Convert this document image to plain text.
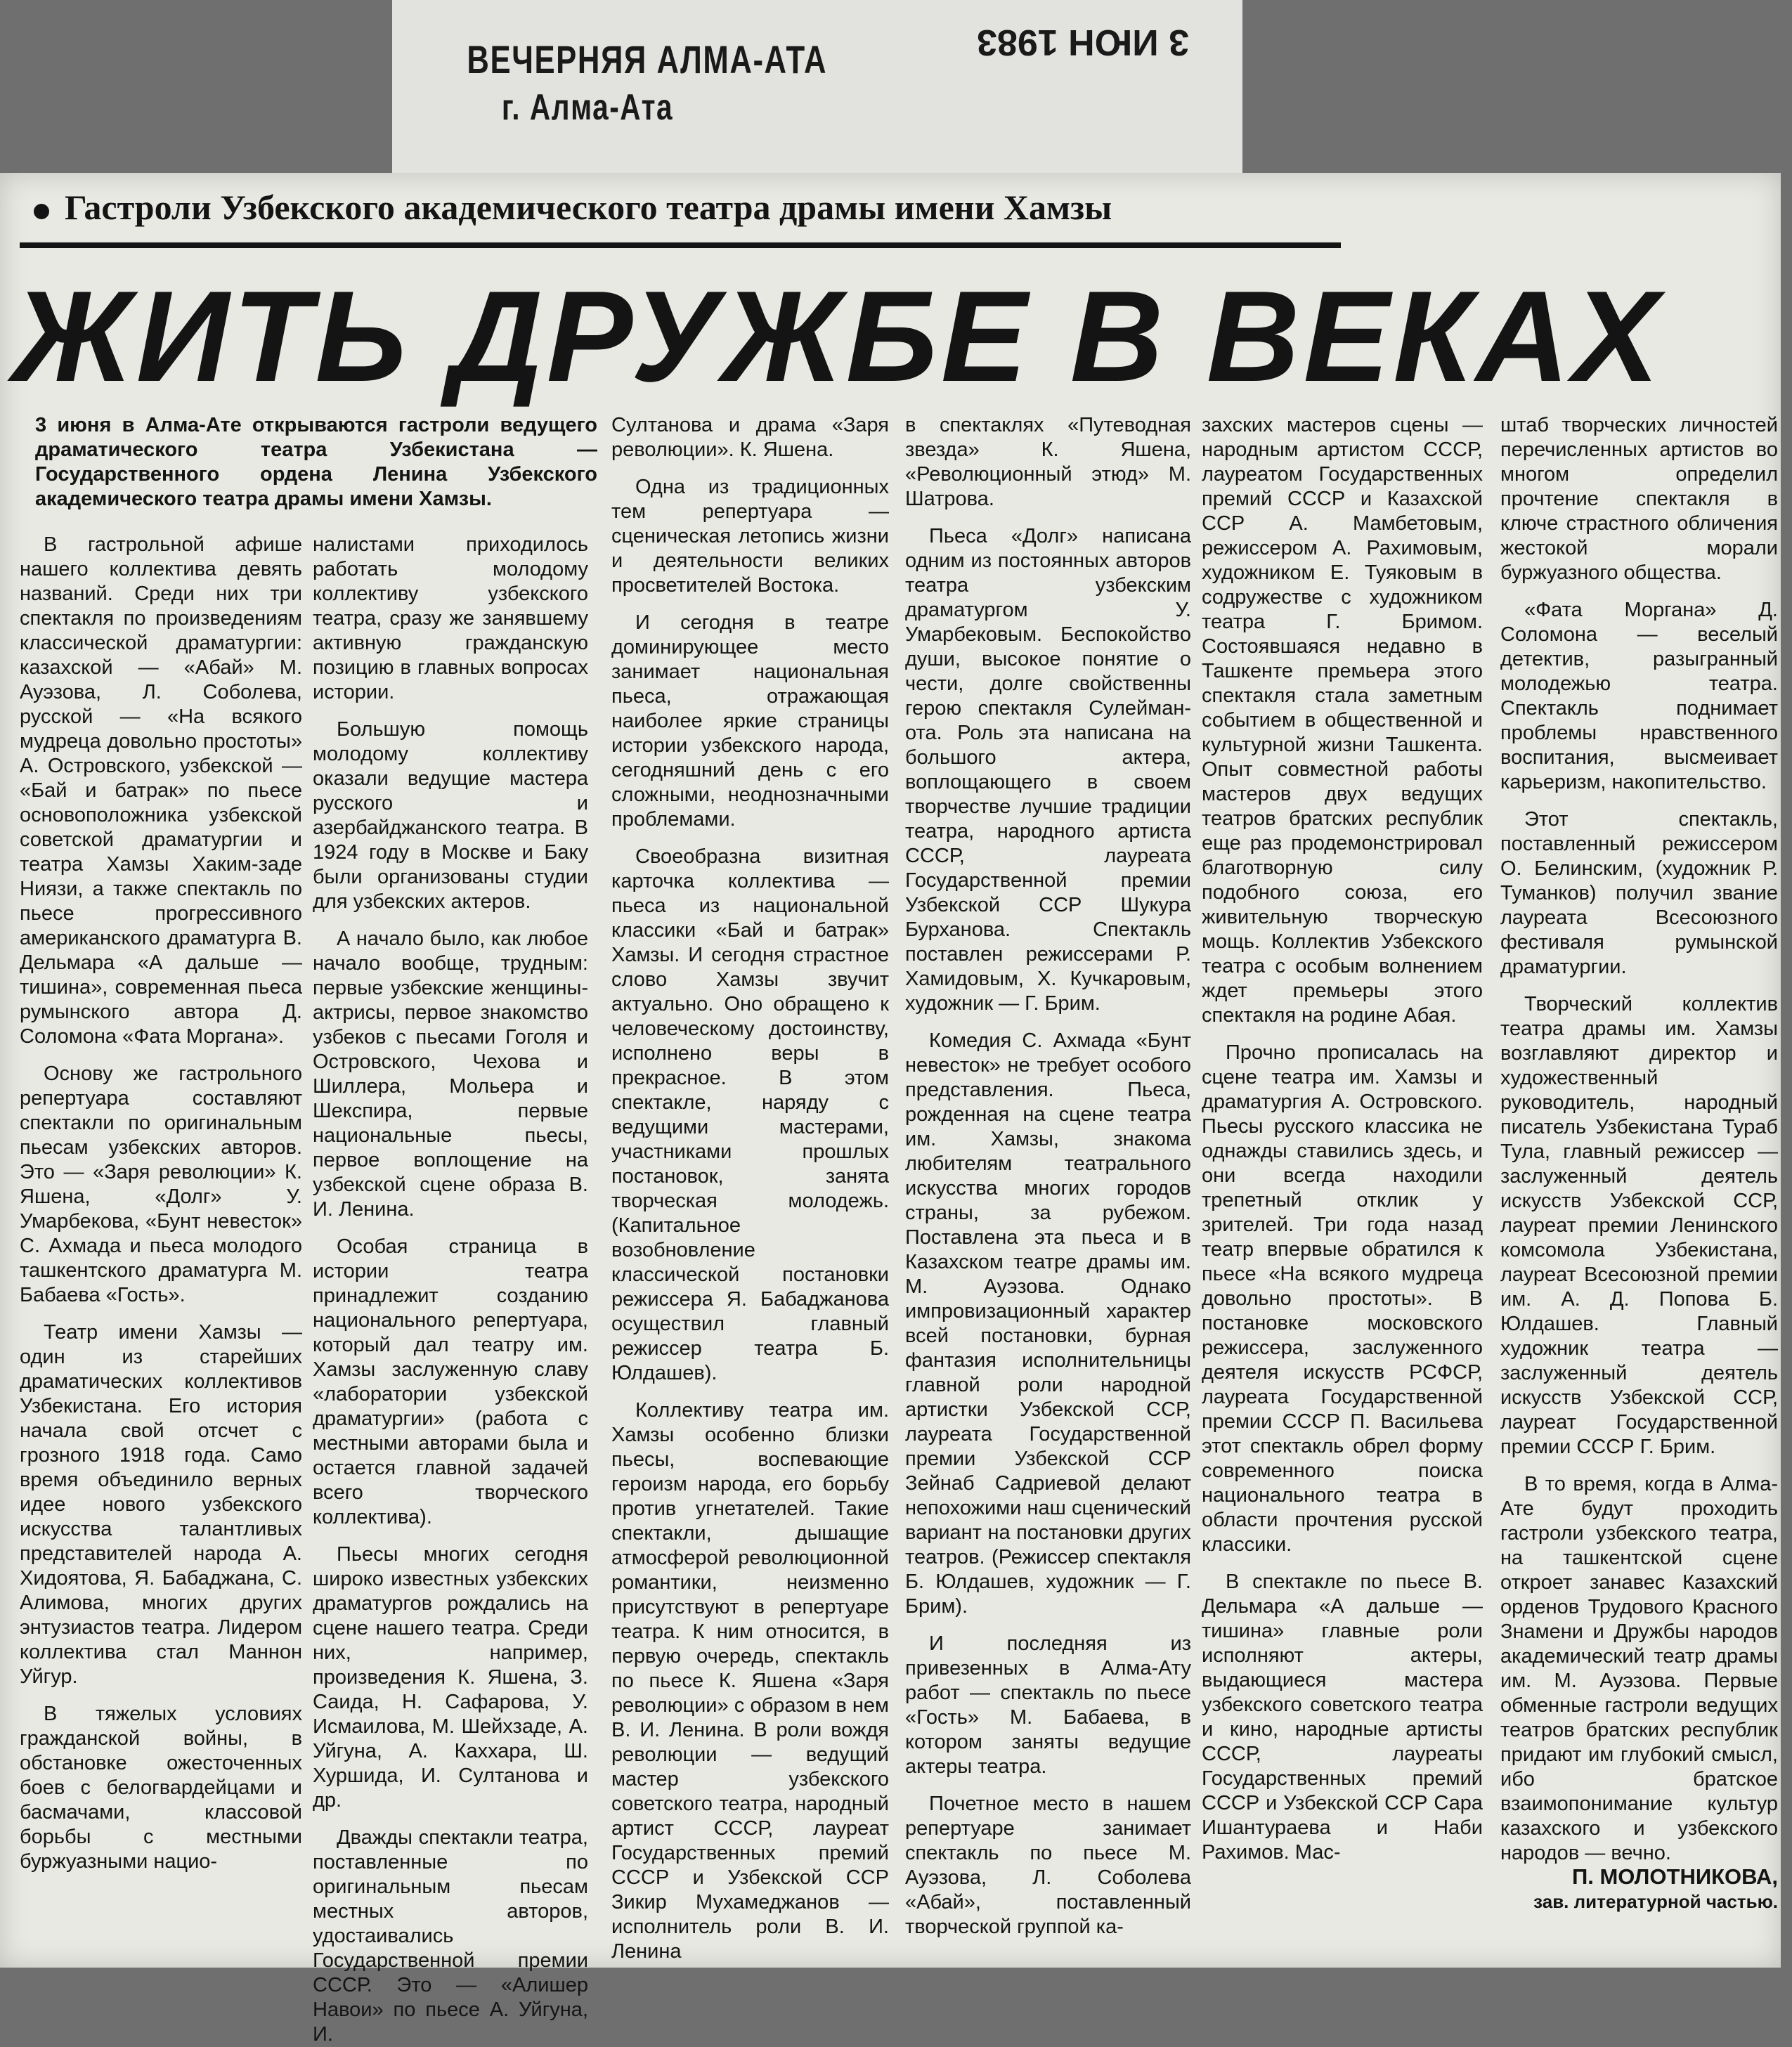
ВЕЧЕРНЯЯ АЛМА-АТА
г. Алма-Ата
3 ИЮН 1983
Гастроли Узбекского академического театра драмы имени Хамзы
ЖИТЬ ДРУЖБЕ В ВЕКАХ
3 июня в Алма-Ате открываются гастроли ведущего драматического театра Узбекистана — Государственного ордена Ленина Узбекского академического театра драмы имени Хамзы.

В гастрольной афише нашего коллектива девять названий. Среди них три спектакля по произведениям классической драматургии: казахской — «Абай» М. Ауэзова, Л. Соболева, русской — «На всякого мудреца довольно простоты» А. Островского, узбекской — «Бай и батрак» по пьесе основоположника узбекской советской драматургии и театра Хамзы Хаким-заде Ниязи, а также спектакль по пьесе прогрессивного американского драматурга В. Дельмара «А дальше — тишина», современная пьеса румынского автора Д. Соломона «Фата Моргана».

Основу же гастрольного репертуара составляют спектакли по оригинальным пьесам узбекских авторов. Это — «Заря революции» К. Яшена, «Долг» У. Умарбекова, «Бунт невесток» С. Ахмада и пьеса молодого ташкентского драматурга М. Бабаева «Гость».

Театр имени Хамзы — один из старейших драматических коллективов Узбекистана. Его история начала свой отсчет с грозного 1918 года. Само время объединило верных идее нового узбекского искусства талантливых представителей народа А. Хидоятова, Я. Бабаджана, С. Алимова, многих других энтузиастов театра. Лидером коллектива стал Маннон Уйгур.

В тяжелых условиях гражданской войны, в обстановке ожесточенных боев с белогвардейцами и басмачами, классовой борьбы с местными буржуазными нацио-

налистами приходилось работать молодому коллективу узбекского театра, сразу же занявшему активную гражданскую позицию в главных вопросах истории.

Большую помощь молодому коллективу оказали ведущие мастера русского и азербайджанского театра. В 1924 году в Москве и Баку были организованы студии для узбекских актеров.

А начало было, как любое начало вообще, трудным: первые узбекские женщины-актрисы, первое знакомство узбеков с пьесами Гоголя и Островского, Чехова и Шиллера, Мольера и Шекспира, первые национальные пьесы, первое воплощение на узбекской сцене образа В. И. Ленина.

Особая страница в истории театра принадлежит созданию национального репертуара, который дал театру им. Хамзы заслуженную славу «лаборатории узбекской драматургии» (работа с местными авторами была и остается главной задачей всего творческого коллектива).

Пьесы многих сегодня широко известных узбекских драматургов рождались на сцене нашего театра. Среди них, например, произведения К. Яшена, З. Саида, Н. Сафарова, У. Исмаилова, М. Шейхзаде, А. Уйгуна, А. Каххара, Ш. Хуршида, И. Султанова и др.

Дважды спектакли театра, поставленные по оригинальным пьесам местных авторов, удостаивались Государственной премии СССР. Это — «Алишер Навои» по пьесе А. Уйгуна, И.

Султанова и драма «Заря революции». К. Яшена.

Одна из традиционных тем репертуара — сценическая летопись жизни и деятельности великих просветителей Востока.

И сегодня в театре доминирующее место занимает национальная пьеса, отражающая наиболее яркие страницы истории узбекского народа, сегодняшний день с его сложными, неоднозначными проблемами.

Своеобразна визитная карточка коллектива — пьеса из национальной классики «Бай и батрак» Хамзы. И сегодня страстное слово Хамзы звучит актуально. Оно обращено к человеческому достоинству, исполнено веры в прекрасное. В этом спектакле, наряду с ведущими мастерами, участниками прошлых постановок, занята творческая молодежь. (Капитальное возобновление классической постановки режиссера Я. Бабаджанова осуществил главный режиссер театра Б. Юлдашев).

Коллективу театра им. Хамзы особенно близки пьесы, воспевающие героизм народа, его борьбу против угнетателей. Такие спектакли, дышащие атмосферой революционной романтики, неизменно присутствуют в репертуаре театра. К ним относится, в первую очередь, спектакль по пьесе К. Яшена «Заря революции» с образом в нем В. И. Ленина. В роли вождя революции — ведущий мастер узбекского советского театра, народный артист СССР, лауреат Государственных премий СССР и Узбекской ССР Зикир Мухамеджанов — исполнитель роли В. И. Ленина

в спектаклях «Путеводная звезда» К. Яшена, «Революционный этюд» М. Шатрова.

Пьеса «Долг» написана одним из постоянных авторов театра узбекским драматургом У. Умарбековым. Беспокойство души, высокое понятие о чести, долге свойственны герою спектакля Сулейман-ота. Роль эта написана на большого актера, воплощающего в своем творчестве лучшие традиции театра, народного артиста СССР, лауреата Государственной премии Узбекской ССР Шукура Бурханова. Спектакль поставлен режиссерами Р. Хамидовым, Х. Кучкаровым, художник — Г. Брим.

Комедия С. Ахмада «Бунт невесток» не требует особого представления. Пьеса, рожденная на сцене театра им. Хамзы, знакома любителям театрального искусства многих городов страны, за рубежом. Поставлена эта пьеса и в Казахском театре драмы им. М. Ауэзова. Однако импровизационный характер всей постановки, бурная фантазия исполнительницы главной роли народной артистки Узбекской ССР, лауреата Государственной премии Узбекской ССР Зейнаб Садриевой делают непохожими наш сценический вариант на постановки других театров. (Режиссер спектакля Б. Юлдашев, художник — Г. Брим).

И последняя из привезенных в Алма-Ату работ — спектакль по пьесе «Гость» М. Бабаева, в котором заняты ведущие актеры театра.

Почетное место в нашем репертуаре занимает спектакль по пьесе М. Ауэзова, Л. Соболева «Абай», поставленный творческой группой ка-

захских мастеров сцены — народным артистом СССР, лауреатом Государственных премий СССР и Казахской ССР А. Мамбетовым, режиссером А. Рахимовым, художником Е. Туяковым в содружестве с художником театра Г. Бримом. Состоявшаяся недавно в Ташкенте премьера этого спектакля стала заметным событием в общественной и культурной жизни Ташкента. Опыт совместной работы мастеров двух ведущих театров братских республик еще раз продемонстрировал благотворную силу подобного союза, его живительную творческую мощь. Коллектив Узбекского театра с особым волнением ждет премьеры этого спектакля на родине Абая.

Прочно прописалась на сцене театра им. Хамзы и драматургия А. Островского. Пьесы русского классика не однажды ставились здесь, и они всегда находили трепетный отклик у зрителей. Три года назад театр впервые обратился к пьесе «На всякого мудреца довольно простоты». В постановке московского режиссера, заслуженного деятеля искусств РСФСР, лауреата Государственной премии СССР П. Васильева этот спектакль обрел форму современного поиска национального театра в области прочтения русской классики.

В спектакле по пьесе В. Дельмара «А дальше — тишина» главные роли исполняют актеры, выдающиеся мастера узбекского советского театра и кино, народные артисты СССР, лауреаты Государственных премий СССР и Узбекской ССР Сара Ишантураева и Наби Рахимов. Мас-

штаб творческих личностей перечисленных артистов во многом определил прочтение спектакля в ключе страстного обличения жестокой морали буржуазного общества.

«Фата Моргана» Д. Соломона — веселый детектив, разыгранный молодежью театра. Спектакль поднимает проблемы нравственного воспитания, высмеивает карьеризм, накопительство.

Этот спектакль, поставленный режиссером О. Белинским, (художник Р. Туманков) получил звание лауреата Всесоюзного фестиваля румынской драматургии.

Творческий коллектив театра драмы им. Хамзы возглавляют директор и художественный руководитель, народный писатель Узбекистана Тураб Тула, главный режиссер — заслуженный деятель искусств Узбекской ССР, лауреат премии Ленинского комсомола Узбекистана, лауреат Всесоюзной премии им. А. Д. Попова Б. Юлдашев. Главный художник театра — заслуженный деятель искусств Узбекской ССР, лауреат Государственной премии СССР Г. Брим.

В то время, когда в Алма-Ате будут проходить гастроли узбекского театра, на ташкентской сцене откроет занавес Казахский орденов Трудового Красного Знамени и Дружбы народов академический театр драмы им. М. Ауэзова. Первые обменные гастроли ведущих театров братских республик придают им глубокий смысл, ибо братское взаимопонимание культур казахского и узбекского народов — вечно.

П. МОЛОТНИКОВА,
зав. литературной частью.
